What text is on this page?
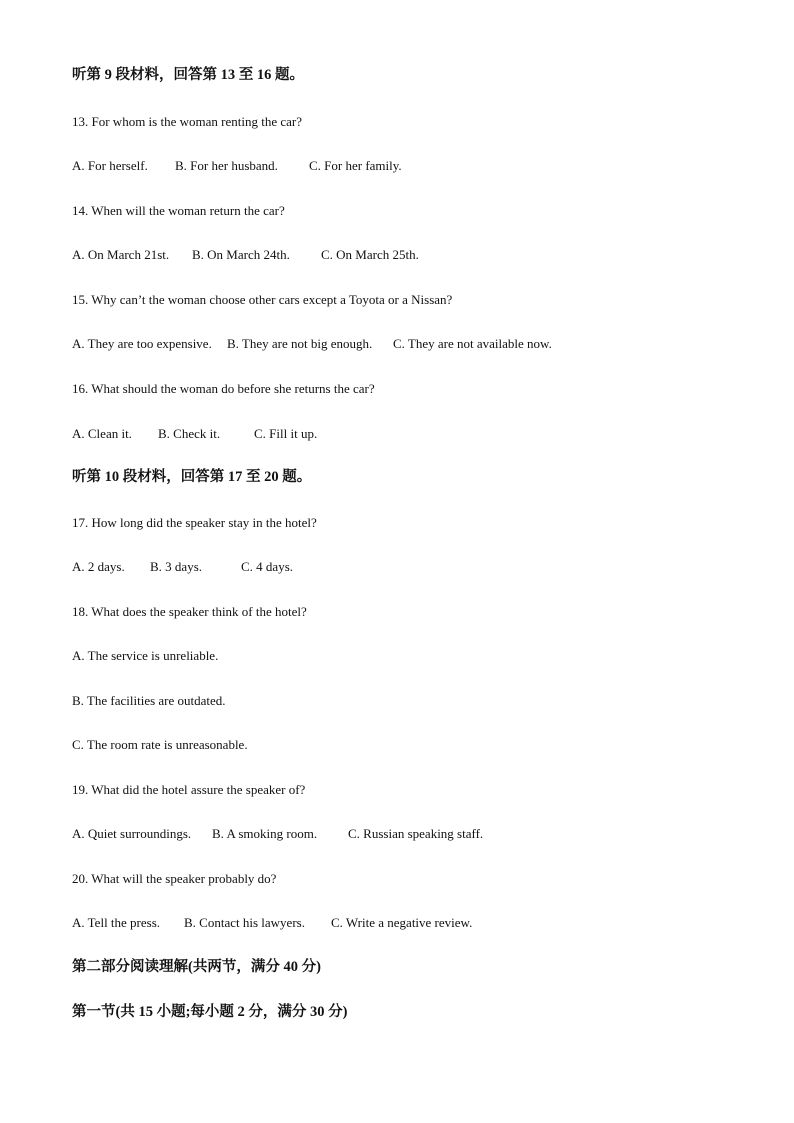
听第 9 段材料，回答第 13 至 16 题。
13. For whom is the woman renting the car?
A. For herself. B. For her husband. C. For her family.
14. When will the woman return the car?
A. On March 21st. B. On March 24th. C. On March 25th.
15. Why can’t the woman choose other cars except a Toyota or a Nissan?
A. They are too expensive. B. They are not big enough. C. They are not available now.
16. What should the woman do before she returns the car?
A. Clean it. B. Check it.	C. Fill it up.
听第 10 段材料，回答第 17 至 20 题。
17. How long did the speaker stay in the hotel?
A. 2 days. B. 3 days.	C. 4 days.
18. What does the speaker think of the hotel?
A. The service is unreliable.
B. The facilities are outdated.
C. The room rate is unreasonable.
19. What did the hotel assure the speaker of?
A. Quiet surroundings. B. A smoking room. C. Russian speaking staff.
20. What will the speaker probably do?
A. Tell the press. B. Contact his lawyers. C. Write a negative review.
第二部分阅读理解(共两节，满分 40 分)
第一节(共 15 小题;每小题 2 分，满分 30 分)
